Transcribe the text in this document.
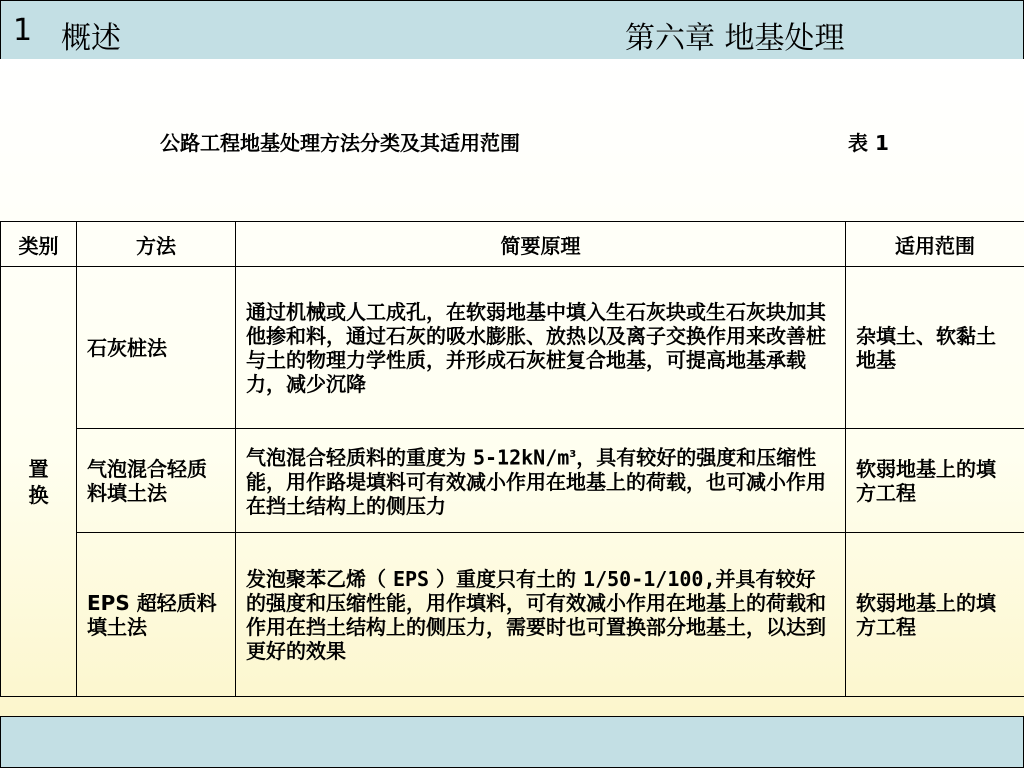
1 概述	第六章 地基处理
公路工程地基处理方法分类及其适用范围	表 1
类别	方法	简要原理	适用范围
置换	石灰桩法	通过机械或人工成孔，在软弱地基中填入生石灰块或生石灰块加其他掺和料，通过石灰的吸水膨胀、放热以及离子交换作用来改善桩与土的物理力学性质，并形成石灰桩复合地基，可提高地基承载力，减少沉降	杂填土、软黏土地基
	气泡混合轻质料填土法	气泡混合轻质料的重度为 $5-12kN/m^3$，具有较好的强度和压缩性能，用作路堤填料可有效减小作用在地基上的荷载，也可减小作用在挡土结构上的侧压力	软弱地基上的填方工程
	EPS 超轻质料填土法	发泡聚苯乙烯（ EPS ）重度只有土的 1/50-1/100,并具有较好的强度和压缩性能，用作填料，可有效减小作用在地基上的荷载和作用在挡土结构上的侧压力，需要时也可置换部分地基土，以达到更好的效果	软弱地基上的填方工程
